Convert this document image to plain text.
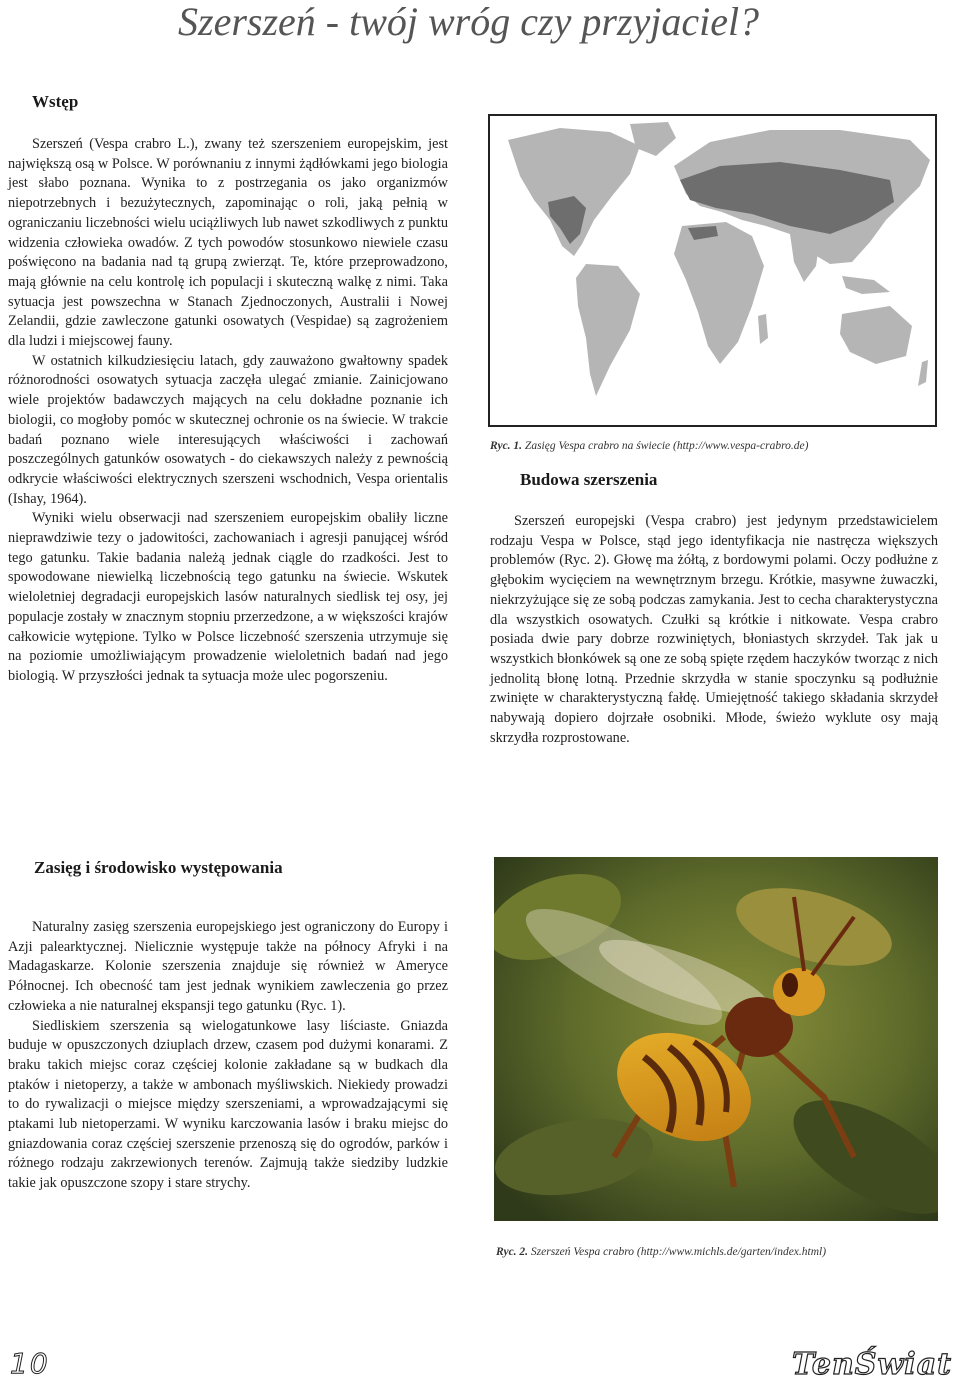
Szerszeń - twój wróg czy przyjaciel?
Wstęp

Szerszeń (Vespa crabro L.), zwany też szerszeniem europejskim, jest największą osą w Polsce. W porównaniu z innymi żądłówkami jego biologia jest słabo poznana. Wynika to z postrzegania os jako organizmów niepotrzebnych i bezużytecznych, zapominając o roli, jaką pełnią w ograniczaniu liczebności wielu uciążliwych lub nawet szkodliwych z punktu widzenia człowieka owadów. Z tych powodów stosunkowo niewiele czasu poświęcono na badania nad tą grupą zwierząt. Te, które przeprowadzono, mają głównie na celu kontrolę ich populacji i skuteczną walkę z nimi. Taka sytuacja jest powszechna w Stanach Zjednoczonych, Australii i Nowej Zelandii, gdzie zawleczone gatunki osowatych (Vespidae) są zagrożeniem dla ludzi i miejscowej fauny.

W ostatnich kilkudziesięciu latach, gdy zauważono gwałtowny spadek różnorodności osowatych sytuacja zaczęła ulegać zmianie. Zainicjowano wiele projektów badawczych mających na celu dokładne poznanie ich biologii, co mogłoby pomóc w skutecznej ochronie os na świecie. W trakcie badań poznano wiele interesujących właściwości i zachowań poszczególnych gatunków osowatych - do ciekawszych należy z pewnością odkrycie właściwości elektrycznych szerszeni wschodnich, Vespa orientalis (Ishay, 1964).

Wyniki wielu obserwacji nad szerszeniem europejskim obaliły liczne nieprawdziwie tezy o jadowitości, zachowaniach i agresji panującej wśród tego gatunku. Takie badania należą jednak ciągle do rzadkości. Jest to spowodowane niewielką liczebnością tego gatunku na świecie. Wskutek wieloletniej degradacji europejskich lasów naturalnych siedlisk tej osy, jej populacje zostały w znacznym stopniu przerzedzone, a w większości krajów całkowicie wytępione. Tylko w Polsce liczebność szerszenia utrzymuje się na poziomie umożliwiającym prowadzenie wieloletnich badań nad jego biologią. W przyszłości jednak ta sytuacja może ulec pogorszeniu.

Ryc. 1. Zasięg Vespa crabro na świecie (http://www.vespa-crabro.de)
Budowa szerszenia

Szerszeń europejski (Vespa crabro) jest jedynym przedstawicielem rodzaju Vespa w Polsce, stąd jego identyfikacja nie nastręcza większych problemów (Ryc. 2). Głowę ma żółtą, z bordowymi polami. Oczy podłużne z głębokim wycięciem na wewnętrznym brzegu. Krótkie, masywne żuwaczki, niekrzyżujące się ze sobą podczas zamykania. Jest to cecha charakterystyczna dla wszystkich osowatych. Czułki są krótkie i nitkowate. Vespa crabro posiada dwie pary dobrze rozwiniętych, błoniastych skrzydeł. Tak jak u wszystkich błonkówek są one ze sobą spięte rzędem haczyków tworząc z nich jednolitą błonę lotną. Przednie skrzydła w stanie spoczynku są podłużnie zwinięte w charakterystyczną fałdę. Umiejętność takiego składania skrzydeł nabywają dopiero dojrzałe osobniki. Młode, świeżo wyklute osy mają skrzydła rozprostowane.

Zasięg i środowisko występowania

Naturalny zasięg szerszenia europejskiego jest ograniczony do Europy i Azji palearktycznej. Nielicznie występuje także na północy Afryki i na Madagaskarze. Kolonie szerszenia znajduje się również w Ameryce Północnej. Ich obecność tam jest jednak wynikiem zawleczenia go przez człowieka a nie naturalnej ekspansji tego gatunku (Ryc. 1).

Siedliskiem szerszenia są wielogatunkowe lasy liściaste. Gniazda buduje w opuszczonych dziuplach drzew, czasem pod dużymi konarami. Z braku takich miejsc coraz częściej kolonie zakładane są w budkach dla ptaków i nietoperzy, a także w ambonach myśliwskich. Niekiedy prowadzi to do rywalizacji o miejsce między szerszeniami, a wprowadzającymi się ptakami lub nietoperzami. W wyniku karczowania lasów i braku miejsc do gniazdowania coraz częściej szerszenie przenoszą się do ogrodów, parków i różnego rodzaju zakrzewionych terenów. Zajmują także siedziby ludzkie takie jak opuszczone szopy i stare strychy.

Ryc. 2. Szerszeń Vespa crabro (http://www.michls.de/garten/index.html)
10	TenŚwiat
